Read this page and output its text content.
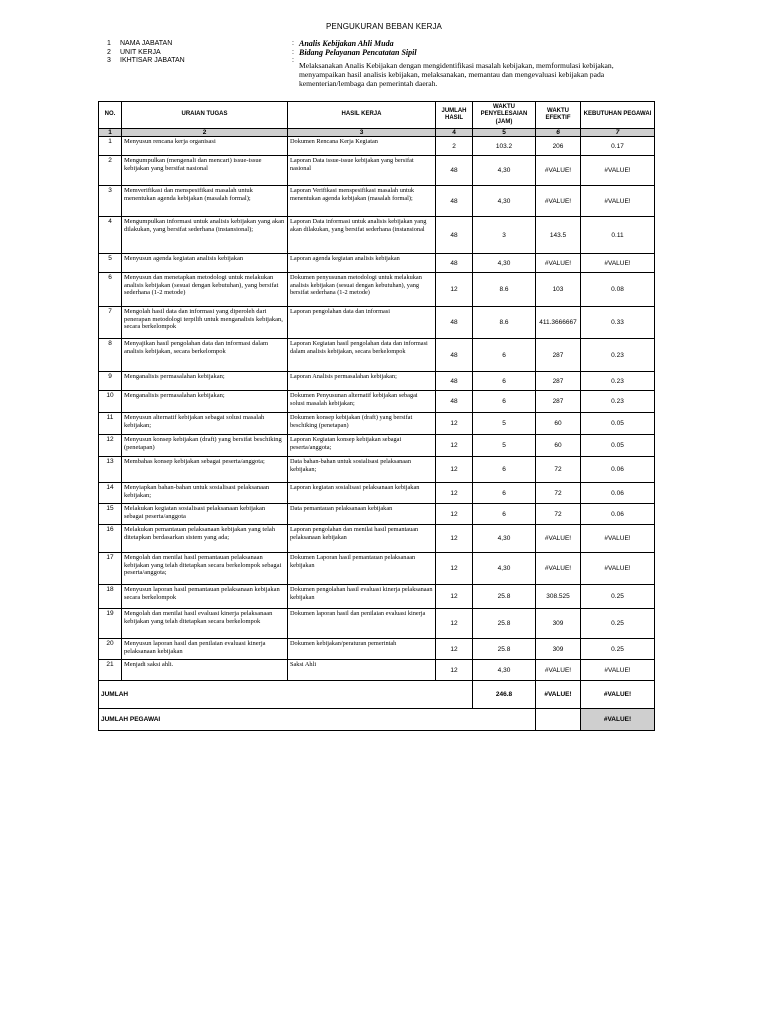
PENGUKURAN BEBAN KERJA
1 NAMA JABATAN	: Analis Kebijakan Ahli Muda
2 UNIT KERJA	: Bidang Pelayanan Pencatatan Sipil
3 IKHTISAR JABATAN	:
Melaksanakan Analis Kebijakan dengan mengidentifikasi masalah kebijakan, memformulasi kebijakan, menyampaikan hasil analisis kebijakan, melaksanakan, memantau dan mengevaluasi kebijakan pada kementerian/lembaga dan pemerintah daerah.
NO.	URAIAN TUGAS	HASIL KERJA	JUMLAH HASIL	WAKTU PENYELESAIAN (JAM)	WAKTU EFEKTIF	KEBUTUHAN PEGAWAI
1	2	3	4	5	6	7
1	Menyusun rencana kerja organisasi	Dokumen Rencana Kerja Kegiatan	2	103.2	206	0.17
2	Mengumpulkan (mengenali dan mencari) issue-issue kebijakan yang bersifat nasional	Laporan Data issue-issue kebijakan yang bersifat nasional	48	4,30	#VALUE!	#VALUE!
3	Memverifikasi dan menspesifikasi masalah untuk menentukan agenda kebijakan (masalah formal);	Laporan Verifikasi menspesifikasi masalah untuk menentukan agenda kebijakan (masalah formal);	48	4,30	#VALUE!	#VALUE!
4	Mengumpulkan informasi untuk analisis kebijakan yang akan dilakukan, yang bersifat sederhana (instansional);	Laporan Data informasi untuk analisis kebijakan yang akan dilakukan, yang bersifat sederhana (instansional	48	3	143.5	0.11
5	Menyusun agenda kegiatan analisis kebijakan	Laporan agenda kegiatan analisis kebijakan	48	4,30	#VALUE!	#VALUE!
6	Menyusun dan menetapkan metodologi untuk melakukan analisis kebijakan (sesuai dengan kebutuhan), yang bersifat sederhana (1-2 metode)	Dokumen penyusunan metodologi untuk melakukan analisis kebijakan (sesuai dengan kebutuhan), yang bersifat sederhana (1-2 metode)	12	8.6	103	0.08
7	Mengolah hasil data dan informasi yang diperoleh dari penerapan metodologi terpilih untuk menganalisis kebijakan, secara berkelompok	Laporan pengolahan data dan informasi	48	8.6	411.3666667	0.33
8	Menyajikan hasil pengolahan data dan informasi dalam analisis kebijakan, secara berkelompok	Laporan Kegiatan hasil pengolahan data dan informasi dalam analisis kebijakan, secara berkelompok	48	6	287	0.23
9	Menganalisis permasalahan kebijakan;	Laporan Analisis permasalahan kebijakan;	48	6	287	0.23
10	Menganalisis permasalahan kebijakan;	Dokumen Penyusunan alternatif kebijakan sebagai solusi masalah kebijakan;	48	6	287	0.23
11	Menyusun alternatif kebijakan sebagai solusi masalah kebijakan;	Dokumen konsep kebijakan (draft) yang bersifat beschiking (penetapan)	12	5	60	0.05
12	Menyusun konsep kebijakan (draft) yang bersifat beschiking (penetapan)	Laporan Kegiatan konsep kebijakan sebagai peserta/anggota;	12	5	60	0.05
13	Membahas konsep kebijakan sebagai peserta/anggota;	Data bahan-bahan untuk sosialisasi pelaksanaan kebijakan;	12	6	72	0.06
14	Menyiapkan bahan-bahan untuk sosialisasi pelaksanaan kebijakan;	Laporan kegiatan sosialisasi pelaksanaan kebijakan	12	6	72	0.06
15	Melakukan kegiatan sosialisasi pelaksanaan kebijakan sebagai peserta/anggota	Data pemantauan pelaksanaan kebijakan	12	6	72	0.06
16	Melakukan pemantauan pelaksanaan kebijakan yang telah ditetapkan berdasarkan sistem yang ada;	Laporan pengolahan dan menilai hasil pemantauan pelaksanaan kebijakan	12	4,30	#VALUE!	#VALUE!
17	Mengolah dan menilai hasil pemantauan pelaksanaan kebijakan yang telah ditetapkan secara berkelompok sebagai peserta/anggota;	Dokumen Laporan hasil pemantauan pelaksanaan kebijakan	12	4,30	#VALUE!	#VALUE!
18	Menyusun laporan hasil pemantauan pelaksanaan kebijakan secara berkelompok	Dokumen pengolahan hasil evaluasi kinerja pelaksanaan kebijakan	12	25.8	308.525	0.25
19	Mengolah dan menilai hasil evaluasi kinerja pelaksanaan kebijakan yang telah ditetapkan secara berkelompok	Dokumen laporan hasil dan penilaian evaluasi kinerja	12	25.8	309	0.25
20	Menyusun laporan hasil dan penilaian evaluasi kinerja pelaksanaan kebijakan	Dokumen kebijakan/peraturan pemerintah	12	25.8	309	0.25
21	Menjadi saksi ahli.	Saksi Ahli	12	4,30	#VALUE!	#VALUE!
JUMLAH				246.8	#VALUE!	#VALUE!
JUMLAH PEGAWAI						#VALUE!
